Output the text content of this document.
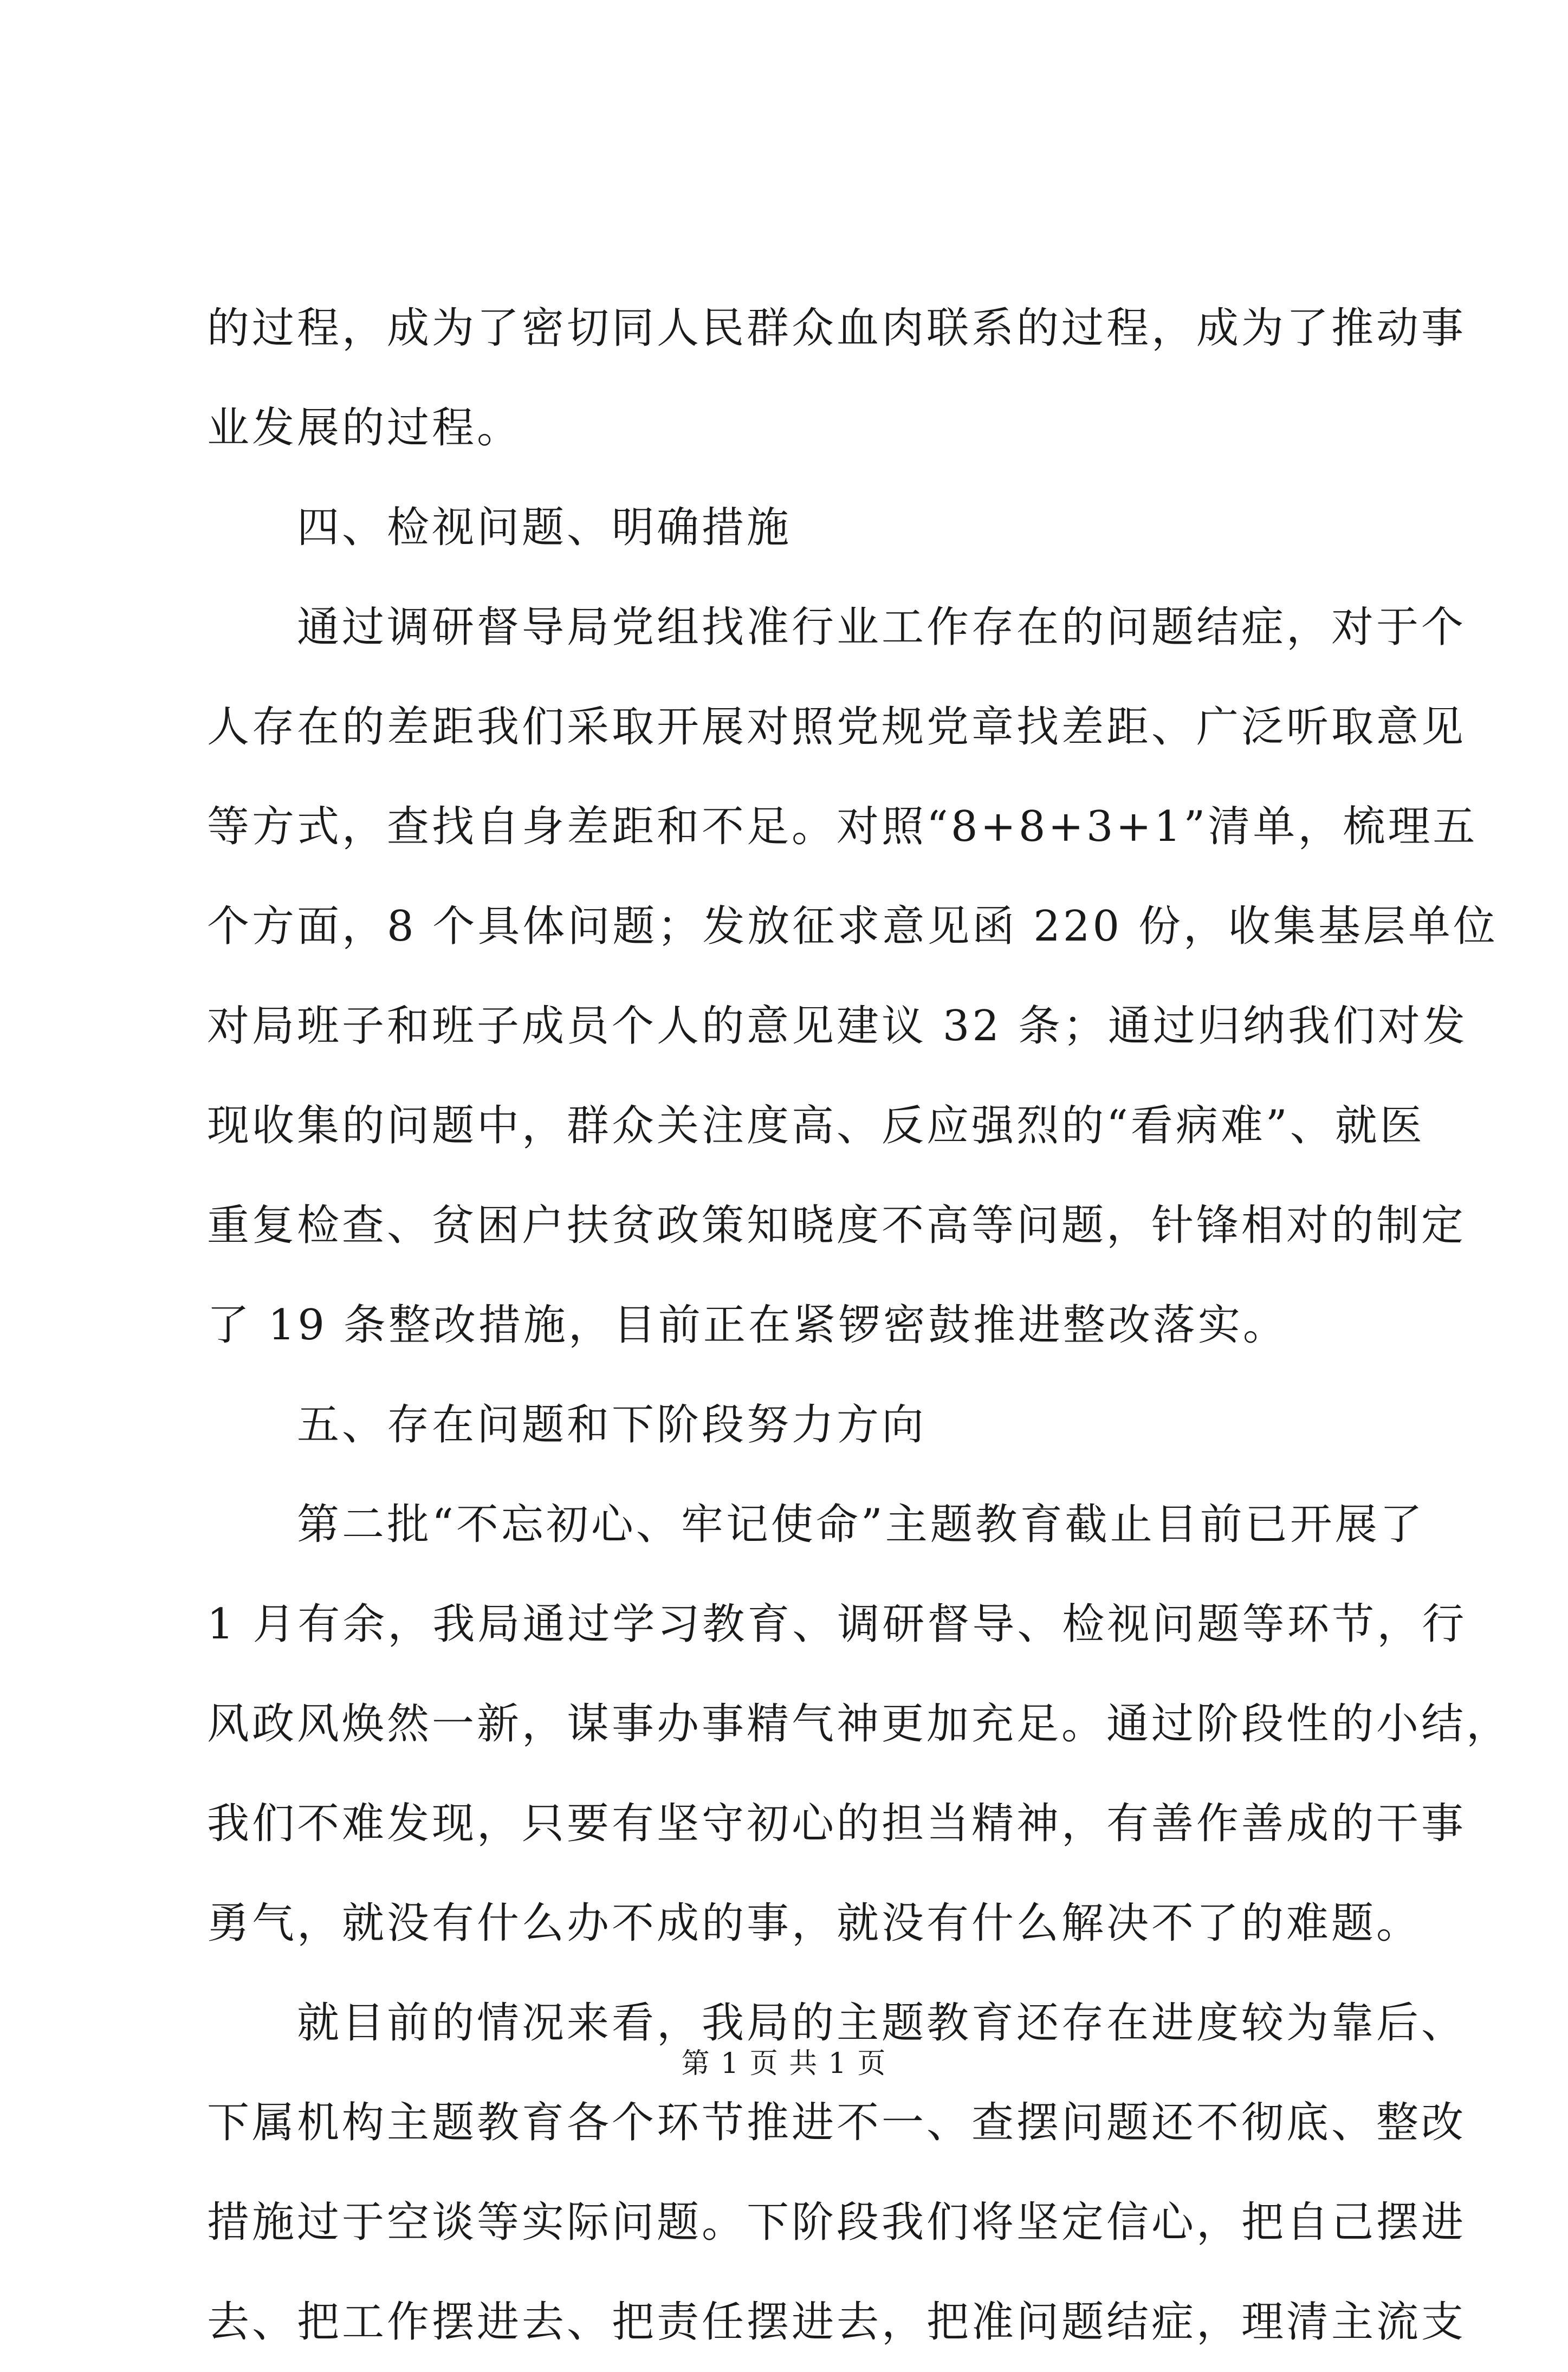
的过程，成为了密切同人民群众血肉联系的过程，成为了推动事
业发展的过程。
　　四、检视问题、明确措施
　　通过调研督导局党组找准行业工作存在的问题结症，对于个
人存在的差距我们采取开展对照党规党章找差距、广泛听取意见
等方式，查找自身差距和不足。对照“8+8+3+1”清单，梳理五
个方面，8 个具体问题；发放征求意见函 220 份，收集基层单位
对局班子和班子成员个人的意见建议 32 条；通过归纳我们对发
现收集的问题中，群众关注度高、反应强烈的“看病难”、就医
重复检查、贫困户扶贫政策知晓度不高等问题，针锋相对的制定
了 19 条整改措施，目前正在紧锣密鼓推进整改落实。
　　五、存在问题和下阶段努力方向
　　第二批“不忘初心、牢记使命”主题教育截止目前已开展了
1 月有余，我局通过学习教育、调研督导、检视问题等环节，行
风政风焕然一新，谋事办事精气神更加充足。通过阶段性的小结，
我们不难发现，只要有坚守初心的担当精神，有善作善成的干事
勇气，就没有什么办不成的事，就没有什么解决不了的难题。
　　就目前的情况来看，我局的主题教育还存在进度较为靠后、
下属机构主题教育各个环节推进不一、查摆问题还不彻底、整改
措施过于空谈等实际问题。下阶段我们将坚定信心，把自己摆进
去、把工作摆进去、把责任摆进去，把准问题结症，理清主流支
第 1 页 共 1 页
